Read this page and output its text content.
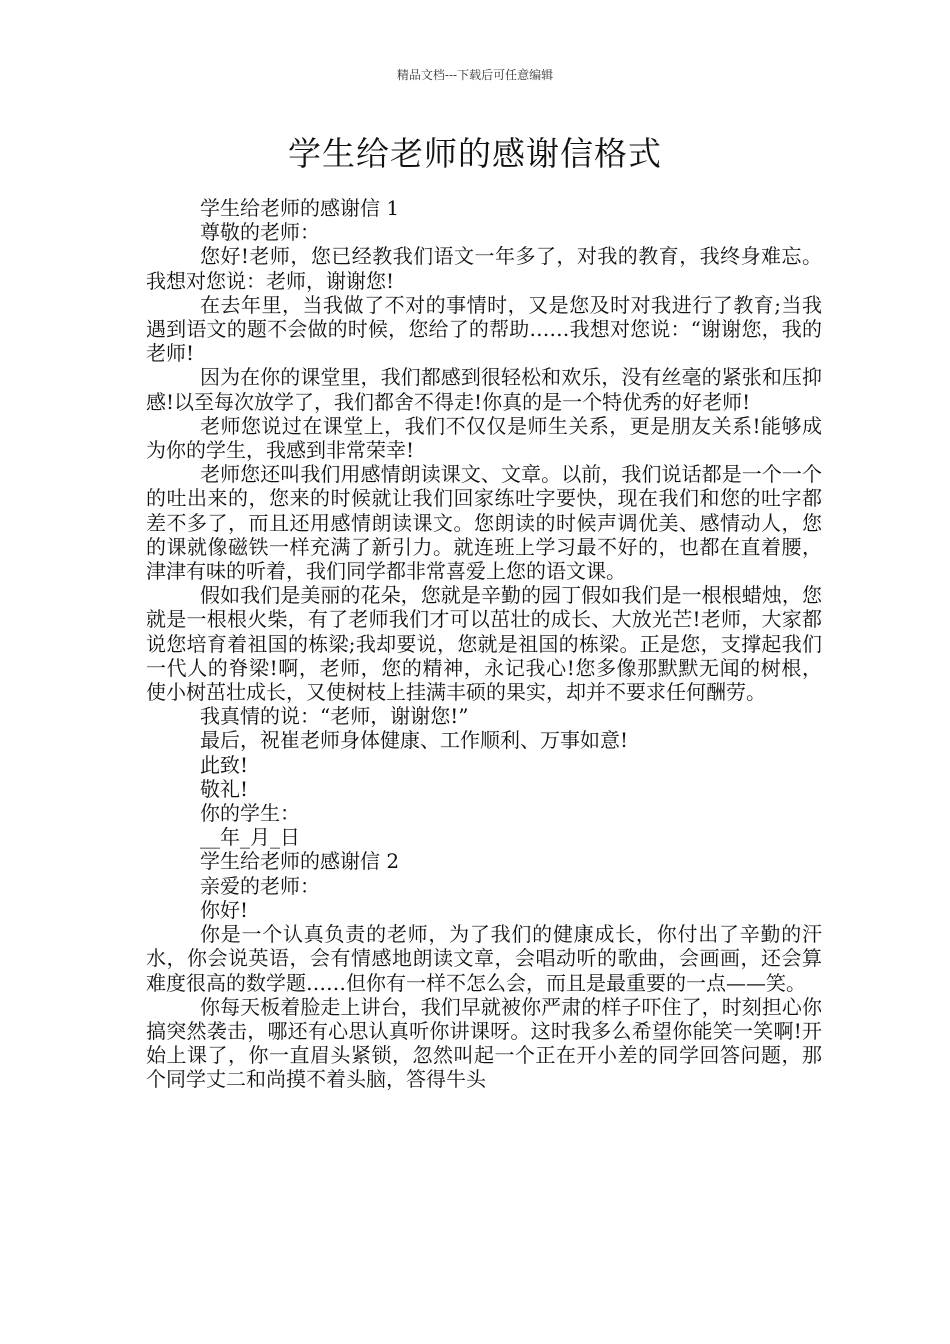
精品文档---下载后可任意编辑
学生给老师的感谢信格式

学生给老师的感谢信 1

尊敬的老师：

您好!老师，您已经教我们语文一年多了，对我的教育，我终身难忘。我想对您说：老师，谢谢您!

在去年里，当我做了不对的事情时，又是您及时对我进行了教育;当我遇到语文的题不会做的时候，您给了的帮助……我想对您说：“谢谢您，我的老师!

因为在你的课堂里，我们都感到很轻松和欢乐，没有丝毫的紧张和压抑感!以至每次放学了，我们都舍不得走!你真的是一个特优秀的好老师!

老师您说过在课堂上，我们不仅仅是师生关系，更是朋友关系!能够成为你的学生，我感到非常荣幸!

老师您还叫我们用感情朗读课文、文章。以前，我们说话都是一个一个的吐出来的，您来的时候就让我们回家练吐字要快，现在我们和您的吐字都差不多了，而且还用感情朗读课文。您朗读的时候声调优美、感情动人，您的课就像磁铁一样充满了新引力。就连班上学习最不好的，也都在直着腰，津津有味的听着，我们同学都非常喜爱上您的语文课。

假如我们是美丽的花朵，您就是辛勤的园丁假如我们是一根根蜡烛，您就是一根根火柴，有了老师我们才可以茁壮的成长、大放光芒!老师，大家都说您培育着祖国的栋梁;我却要说，您就是祖国的栋梁。正是您，支撑起我们一代人的脊梁!啊，老师，您的精神，永记我心!您多像那默默无闻的树根，使小树茁壮成长，又使树枝上挂满丰硕的果实，却并不要求任何酬劳。

我真情的说：“老师，谢谢您!”

最后，祝崔老师身体健康、工作顺利、万事如意!

此致!

敬礼!

你的学生：

__年_月_日

学生给老师的感谢信 2

亲爱的老师：

你好!

你是一个认真负责的老师，为了我们的健康成长，你付出了辛勤的汗水，你会说英语，会有情感地朗读文章，会唱动听的歌曲，会画画，还会算难度很高的数学题……但你有一样不怎么会，而且是最重要的一点——笑。

你每天板着脸走上讲台，我们早就被你严肃的样子吓住了，时刻担心你搞突然袭击，哪还有心思认真听你讲课呀。这时我多么希望你能笑一笑啊!开始上课了，你一直眉头紧锁，忽然叫起一个正在开小差的同学回答问题，那个同学丈二和尚摸不着头脑，答得牛头
